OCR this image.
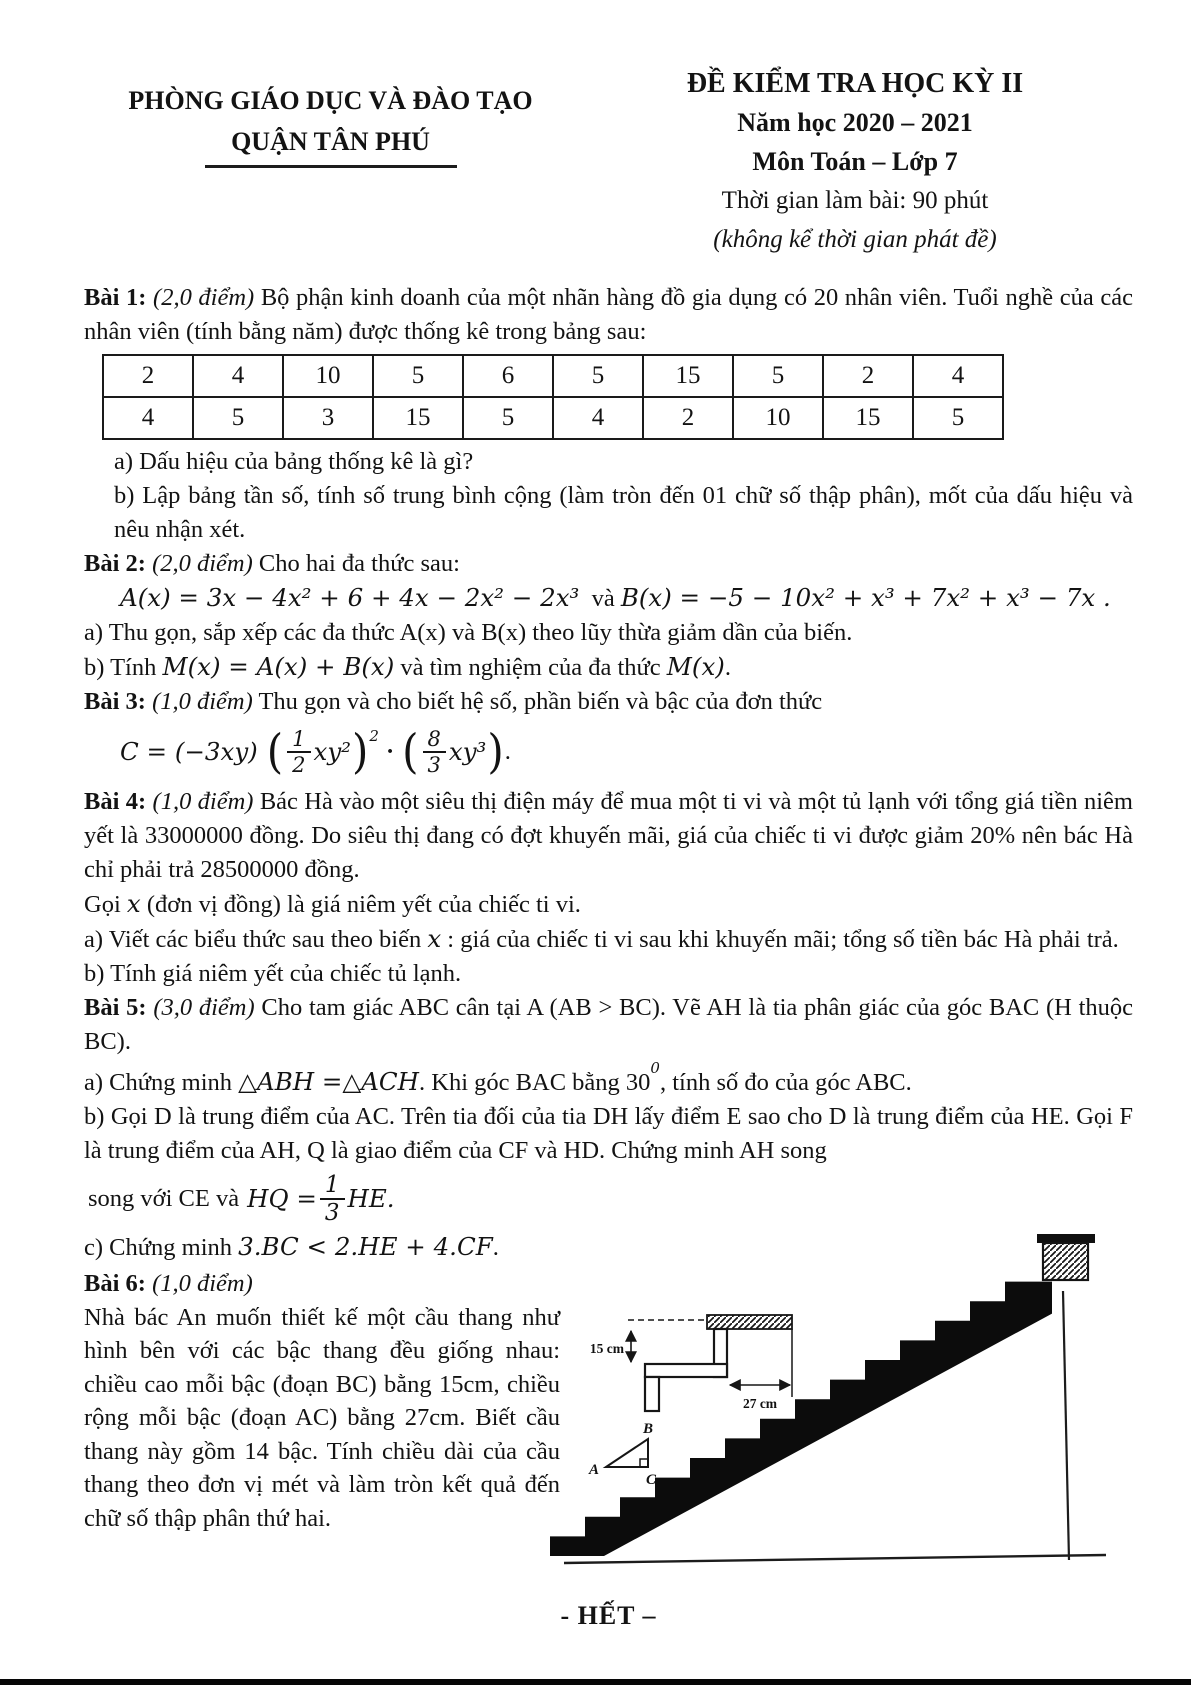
PHÒNG GIÁO DỤC VÀ ĐÀO TẠO
QUẬN TÂN PHÚ
ĐỀ KIỂM TRA HỌC KỲ II
Năm học 2020 – 2021
Môn Toán – Lớp 7
Thời gian làm bài: 90 phút
(không kể thời gian phát đề)

Bài 1: (2,0 điểm) Bộ phận kinh doanh của một nhãn hàng đồ gia dụng có 20 nhân viên. Tuổi nghề của các nhân viên (tính bằng năm) được thống kê trong bảng sau:

2	4	10	5	6	5	15	5	2	4
4	5	3	15	5	4	2	10	15	5

a) Dấu hiệu của bảng thống kê là gì?

b) Lập bảng tần số, tính số trung bình cộng (làm tròn đến 01 chữ số thập phân), mốt của dấu hiệu và nêu nhận xét.

Bài 2: (2,0 điểm) Cho hai đa thức sau:

A(x) = 3x − 4x² + 6 + 4x − 2x² − 2x³ và B(x) = −5 − 10x² + x³ + 7x² + x³ − 7x .

a) Thu gọn, sắp xếp các đa thức A(x) và B(x) theo lũy thừa giảm dần của biến.

b) Tính M(x) = A(x) + B(x) và tìm nghiệm của đa thức M(x).

Bài 3: (1,0 điểm) Thu gọn và cho biết hệ số, phần biến và bậc của đơn thức

C = (−3xy) ( $\frac{1}{2} xy^2$ )$^2$
· ( $\frac{8}{3} xy^3$ ) .

Bài 4: (1,0 điểm) Bác Hà vào một siêu thị điện máy để mua một ti vi và một tủ lạnh với tổng giá tiền niêm yết là 33000000 đồng. Do siêu thị đang có đợt khuyến mãi, giá của chiếc ti vi được giảm 20% nên bác Hà chỉ phải trả 28500000 đồng.

Gọi x (đơn vị đồng) là giá niêm yết của chiếc ti vi.

a) Viết các biểu thức sau theo biến x : giá của chiếc ti vi sau khi khuyến mãi; tổng số tiền bác Hà phải trả.

b) Tính giá niêm yết của chiếc tủ lạnh.

Bài 5: (3,0 điểm) Cho tam giác ABC cân tại A (AB > BC). Vẽ AH là tia phân giác của góc BAC (H thuộc BC).

a) Chứng minh △ABH =△ACH. Khi góc BAC bằng $30^0$, tính số đo của góc ABC.

b) Gọi D là trung điểm của AC. Trên tia đối của tia DH lấy điểm E sao cho D là trung điểm của HE. Gọi F là trung điểm của AH, Q là giao điểm của CF và HD. Chứng minh AH song

song với CE và HQ = $\frac{1}{3}$ HE.

c) Chứng minh 3.BC < 2.HE + 4.CF.

Bài 6: (1,0 điểm)

Nhà bác An muốn thiết kế một cầu thang như hình bên với các bậc thang đều giống nhau: chiều cao mỗi bậc (đoạn BC) bằng 15cm, chiều rộng mỗi bậc (đoạn AC) bằng 27cm. Biết cầu thang này gồm 14 bậc. Tính chiều dài của cầu thang theo đơn vị mét và làm tròn kết quả đến chữ số thập phân thứ hai.

15 cm
27 cm
A
B
C
- HẾT –
